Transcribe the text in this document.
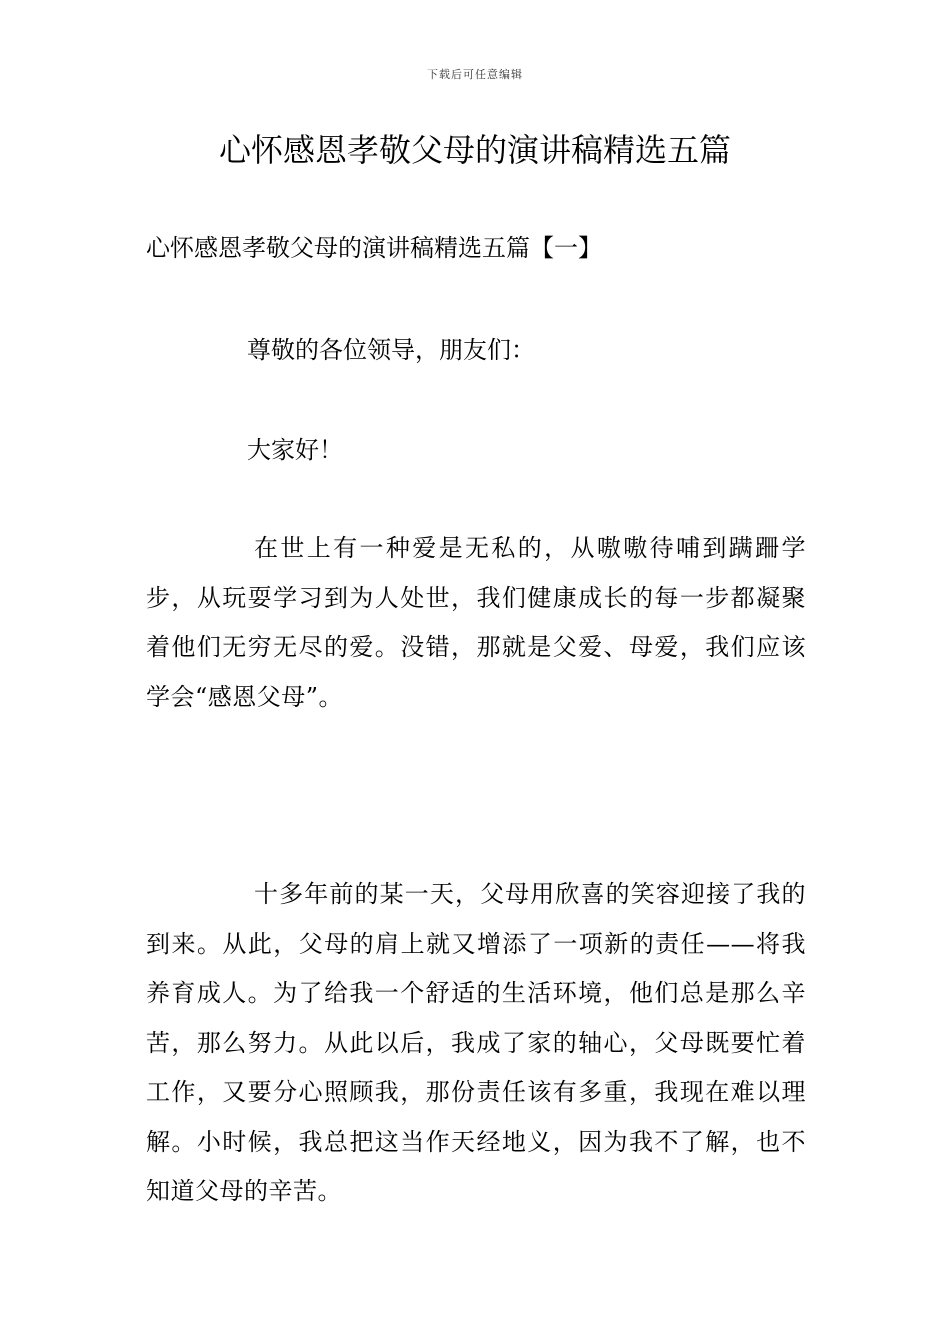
下载后可任意编辑
心怀感恩孝敬父母的演讲稿精选五篇
心怀感恩孝敬父母的演讲稿精选五篇【一】

尊敬的各位领导，朋友们：

大家好！

在世上有一种爱是无私的，从嗷嗷待哺到蹒跚学步，从玩耍学习到为人处世，我们健康成长的每一步都凝聚着他们无穷无尽的爱。没错，那就是父爱、母爱，我们应该学会“感恩父母”。

十多年前的某一天，父母用欣喜的笑容迎接了我的到来。从此，父母的肩上就又增添了一项新的责任——将我养育成人。为了给我一个舒适的生活环境，他们总是那么辛苦，那么努力。从此以后，我成了家的轴心，父母既要忙着工作，又要分心照顾我，那份责任该有多重，我现在难以理解。小时候，我总把这当作天经地义，因为我不了解，也不知道父母的辛苦。
